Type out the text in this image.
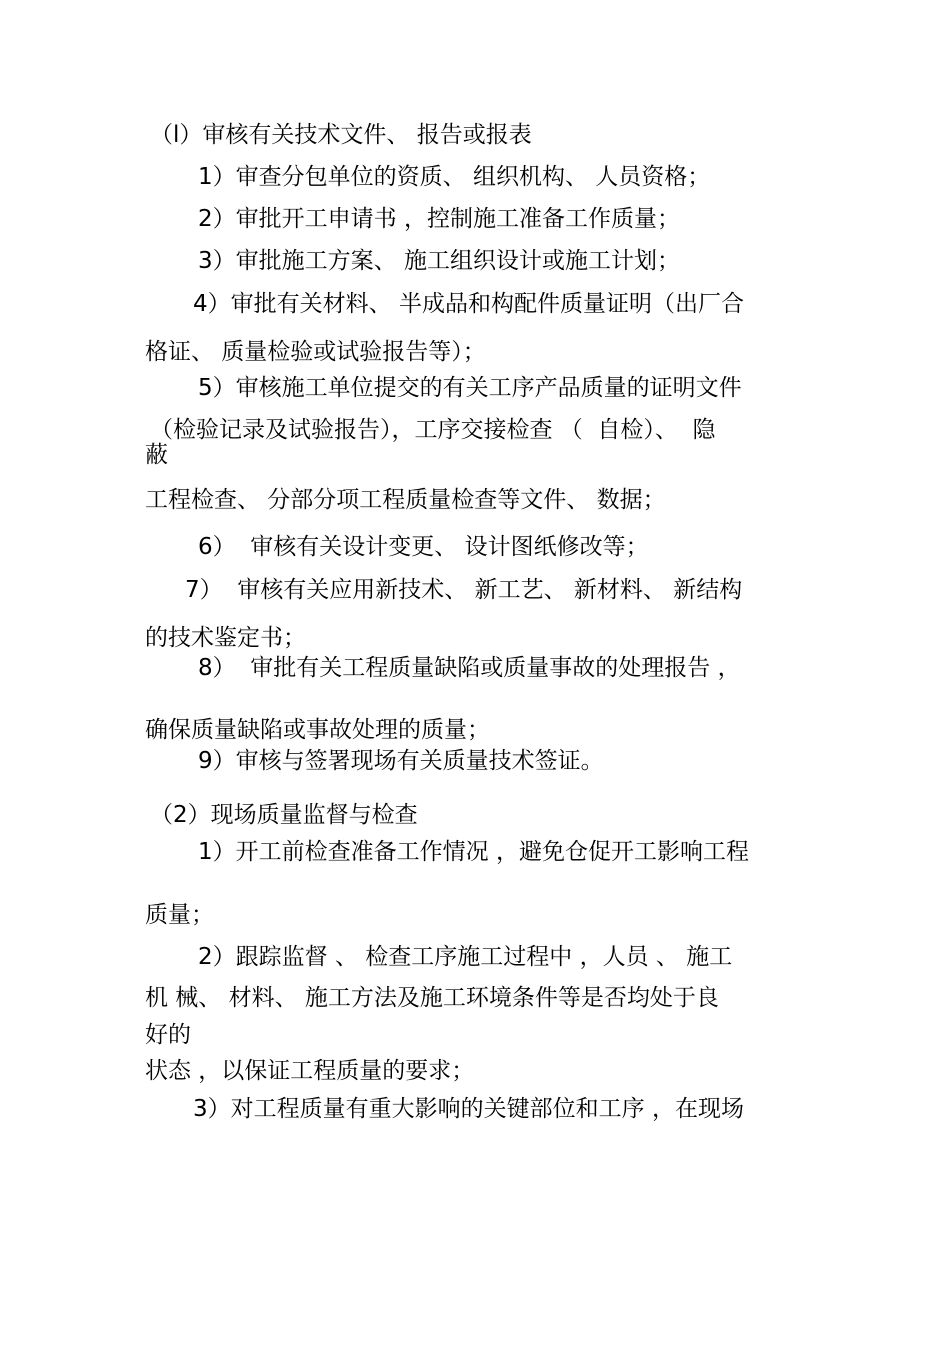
（l）审核有关技术文件、 报告或报表
1）审查分包单位的资质、 组织机构、 人员资格；
2）审批开工申请书 ，控制施工准备工作质量；
3）审批施工方案、 施工组织设计或施工计划；
4）审批有关材料、 半成品和构配件质量证明（出厂合
格证、 质量检验或试验报告等）；
5）审核施工单位提交的有关工序产品质量的证明文件
（检验记录及试验报告），工序交接检查 （  自检）、  隐
蔽
工程检查、 分部分项工程质量检查等文件、 数据；
6）  审核有关设计变更、 设计图纸修改等；
7）  审核有关应用新技术、 新工艺、 新材料、 新结构
的技术鉴定书；
8）  审批有关工程质量缺陷或质量事故的处理报告 ，
确保质量缺陷或事故处理的质量；
9）审核与签署现场有关质量技术签证。
（2）现场质量监督与检查
1）开工前检查准备工作情况 ，避免仓促开工影响工程
质量；
2）跟踪监督 、 检查工序施工过程中 ，人员 、 施工
机 械、 材料、 施工方法及施工环境条件等是否均处于良
好的
状态 ，以保证工程质量的要求；
3）对工程质量有重大影响的关键部位和工序 ，在现场
